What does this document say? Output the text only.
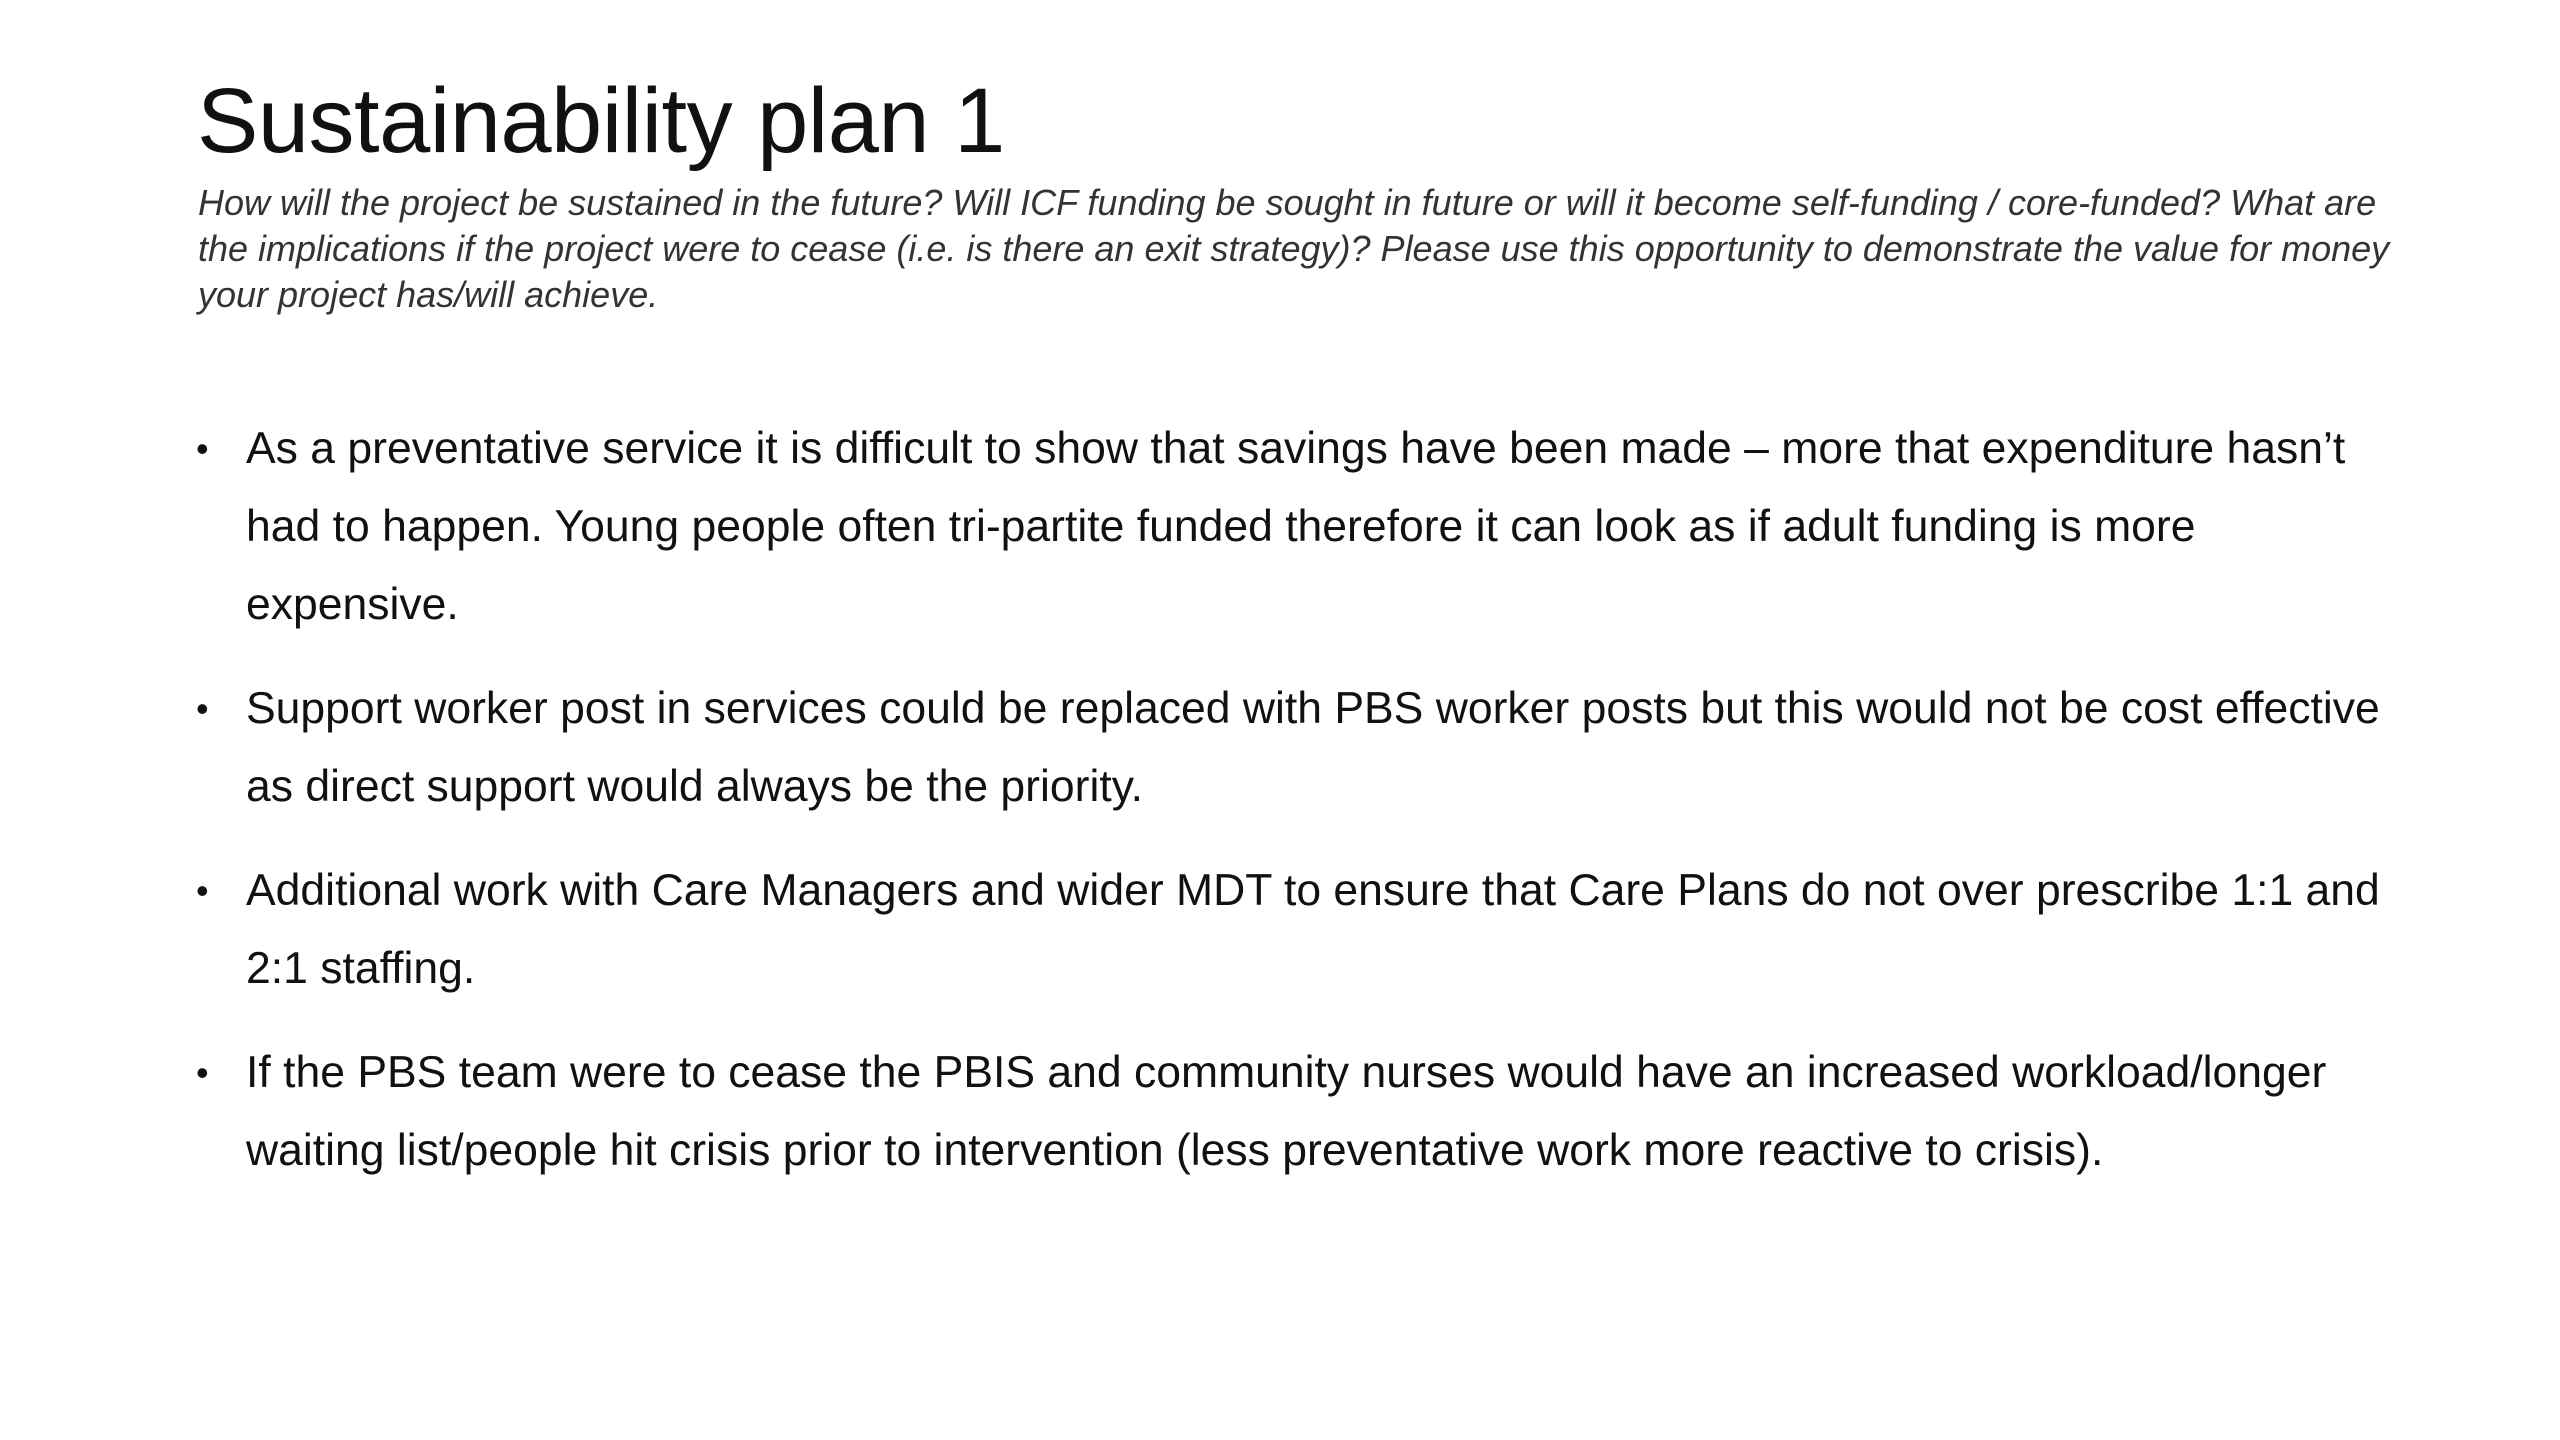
Sustainability plan 1

How will the project be sustained in the future? Will ICF funding be sought in future or will it become self-funding / core-funded? What are the implications if the project were to cease (i.e. is there an exit strategy)? Please use this opportunity to demonstrate the value for money your project has/will achieve.

• As a preventative service it is difficult to show that savings have been made – more that expenditure hasn’t had to happen. Young people often tri-partite funded therefore it can look as if adult funding is more expensive.
• Support worker post in services could be replaced with PBS worker posts but this would not be cost effective as direct support would always be the priority.
• Additional work with Care Managers and wider MDT to ensure that Care Plans do not over prescribe 1:1 and 2:1 staffing.
• If the PBS team were to cease the PBIS and community nurses would have an increased workload/longer waiting list/people hit crisis prior to intervention (less preventative work more reactive to crisis).
